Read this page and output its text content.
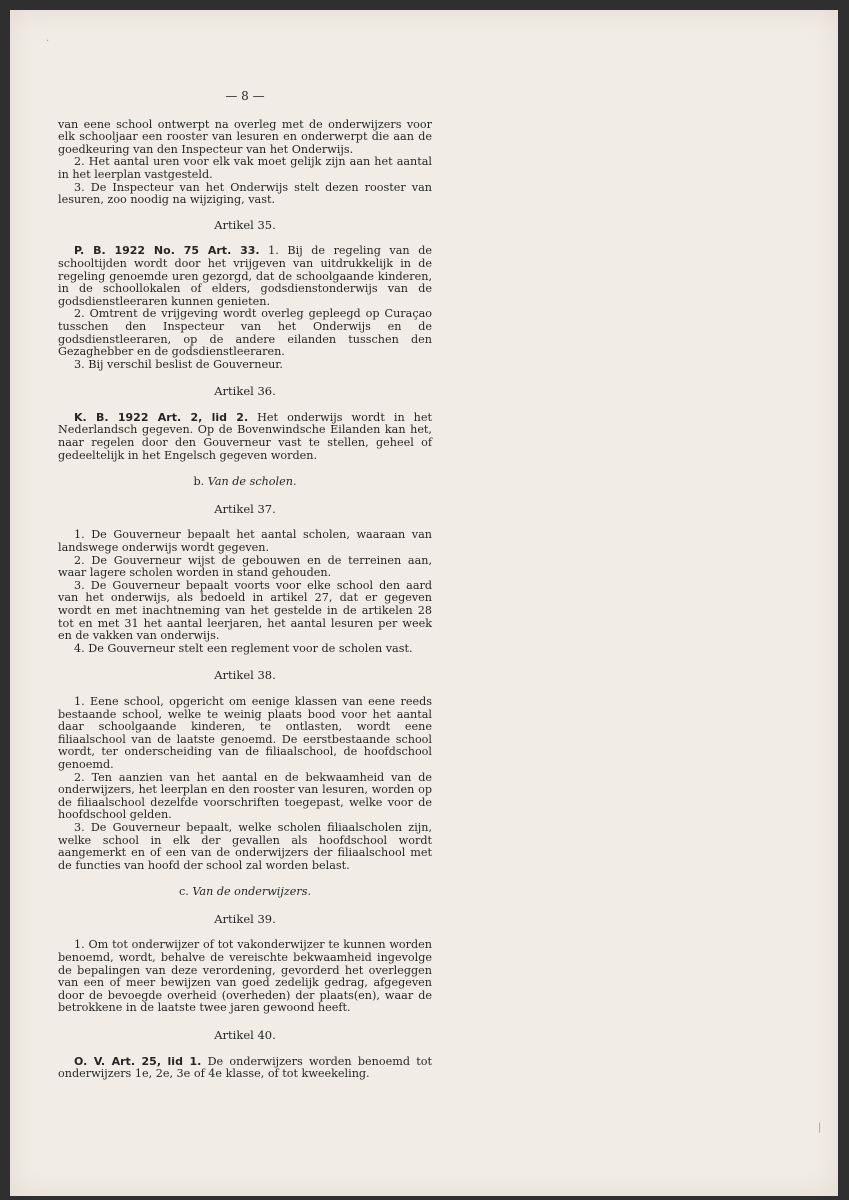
·
|
— 8 —

van eene school ontwerpt na overleg met de onderwijzers voor elk schooljaar een rooster van lesuren en onderwerpt die aan de goedkeuring van den Inspecteur van het Onderwijs.

2. Het aantal uren voor elk vak moet gelijk zijn aan het aantal in het leerplan vastgesteld.

3. De Inspecteur van het Onderwijs stelt dezen rooster van lesuren, zoo noodig na wijziging, vast.

Artikel 35.

P. B. 1922 No. 75 Art. 33. 1. Bij de regeling van de schooltijden wordt door het vrijgeven van uitdrukkelijk in de regeling genoemde uren gezorgd, dat de schoolgaande kinderen, in de schoollokalen of elders, godsdienstonderwijs van de godsdienstleeraren kunnen genieten.

2. Omtrent de vrijgeving wordt overleg gepleegd op Curaçao tusschen den Inspecteur van het Onderwijs en de godsdienstleeraren, op de andere eilanden tusschen den Gezaghebber en de godsdienstleeraren.

3. Bij verschil beslist de Gouverneur.

Artikel 36.

K. B. 1922 Art. 2, lid 2. Het onderwijs wordt in het Nederlandsch gegeven. Op de Bovenwindsche Eilanden kan het, naar regelen door den Gouverneur vast te stellen, geheel of gedeeltelijk in het Engelsch gegeven worden.

b. Van de scholen.
Artikel 37.

1. De Gouverneur bepaalt het aantal scholen, waaraan van landswege onderwijs wordt gegeven.

2. De Gouverneur wijst de gebouwen en de terreinen aan, waar lagere scholen worden in stand gehouden.

3. De Gouverneur bepaalt voorts voor elke school den aard van het onderwijs, als bedoeld in artikel 27, dat er gegeven wordt en met inachtneming van het gestelde in de artikelen 28 tot en met 31 het aantal leerjaren, het aantal lesuren per week en de vakken van onderwijs.

4. De Gouverneur stelt een reglement voor de scholen vast.

Artikel 38.

1. Eene school, opgericht om eenige klassen van eene reeds bestaande school, welke te weinig plaats bood voor het aantal daar schoolgaande kinderen, te ontlasten, wordt eene filiaalschool van de laatste genoemd. De eerstbestaande school wordt, ter onderscheiding van de filiaalschool, de hoofdschool genoemd.

2. Ten aanzien van het aantal en de bekwaamheid van de onderwijzers, het leerplan en den rooster van lesuren, worden op de filiaalschool dezelfde voorschriften toegepast, welke voor de hoofdschool gelden.

3. De Gouverneur bepaalt, welke scholen filiaalscholen zijn, welke school in elk der gevallen als hoofdschool wordt aangemerkt en of een van de onderwijzers der filiaalschool met de functies van hoofd der school zal worden belast.

c. Van de onderwijzers.
Artikel 39.

1. Om tot onderwijzer of tot vakonderwijzer te kunnen worden benoemd, wordt, behalve de vereischte bekwaamheid ingevolge de bepalingen van deze verordening, gevorderd het overleggen van een of meer bewijzen van goed zedelijk gedrag, afgegeven door de bevoegde overheid (overheden) der plaats(en), waar de betrokkene in de laatste twee jaren gewoond heeft.

Artikel 40.

O. V. Art. 25, lid 1. De onderwijzers worden benoemd tot onderwijzers 1e, 2e, 3e of 4e klasse, of tot kweekeling.
